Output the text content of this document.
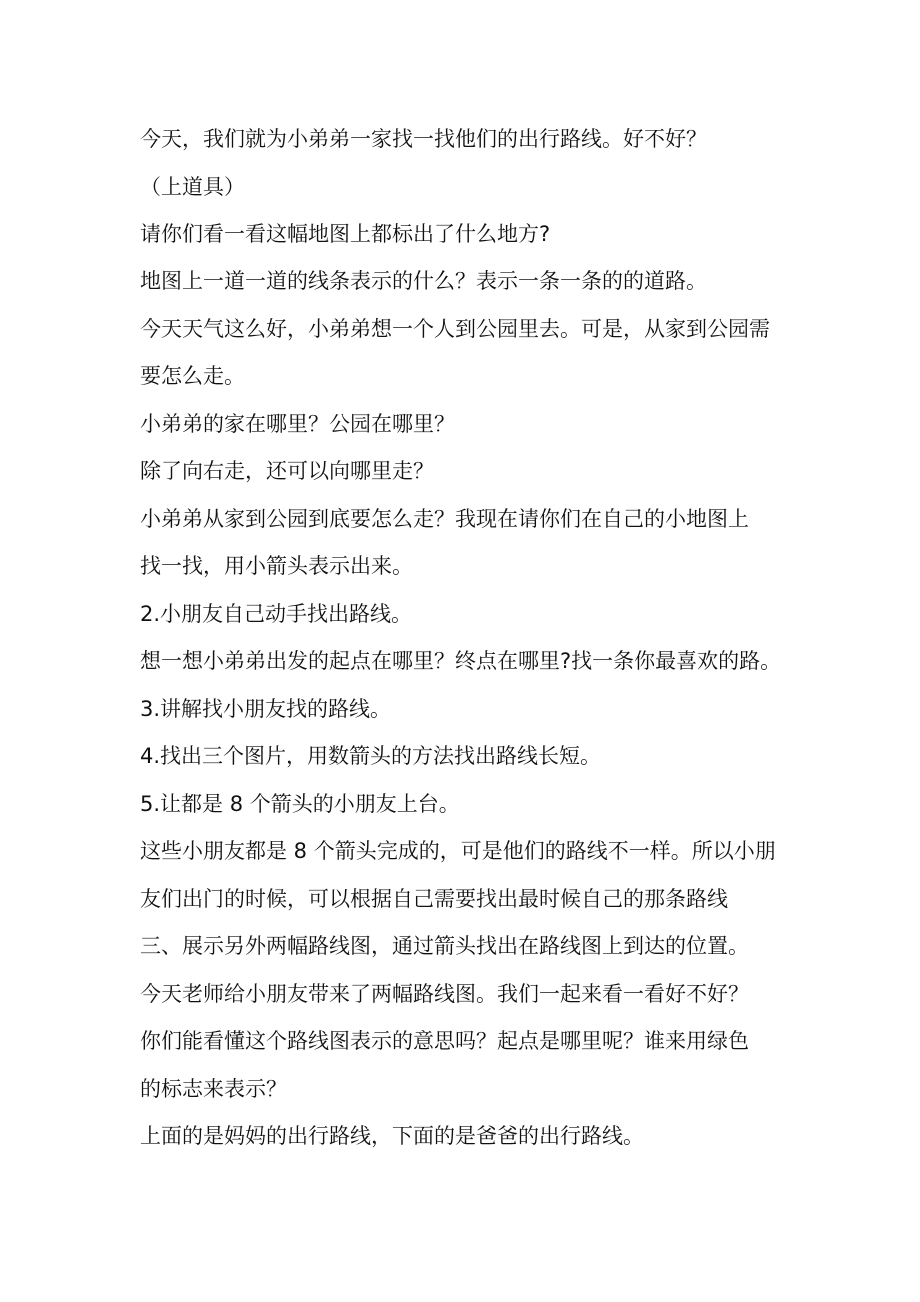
今天，我们就为小弟弟一家找一找他们的出行路线。好不好？

（上道具）

请你们看一看这幅地图上都标出了什么地方?

地图上一道一道的线条表示的什么？表示一条一条的的道路。

今天天气这么好，小弟弟想一个人到公园里去。可是，从家到公园需

要怎么走。

小弟弟的家在哪里？公园在哪里？

除了向右走，还可以向哪里走？

小弟弟从家到公园到底要怎么走？我现在请你们在自己的小地图上

找一找，用小箭头表示出来。

2.小朋友自己动手找出路线。

想一想小弟弟出发的起点在哪里？终点在哪里?找一条你最喜欢的路。

3.讲解找小朋友找的路线。

4.找出三个图片，用数箭头的方法找出路线长短。

5.让都是 8 个箭头的小朋友上台。

这些小朋友都是 8 个箭头完成的，可是他们的路线不一样。所以小朋

友们出门的时候，可以根据自己需要找出最时候自己的那条路线

三、展示另外两幅路线图，通过箭头找出在路线图上到达的位置。

今天老师给小朋友带来了两幅路线图。我们一起来看一看好不好？

你们能看懂这个路线图表示的意思吗？起点是哪里呢？谁来用绿色

的标志来表示？

上面的是妈妈的出行路线，下面的是爸爸的出行路线。
